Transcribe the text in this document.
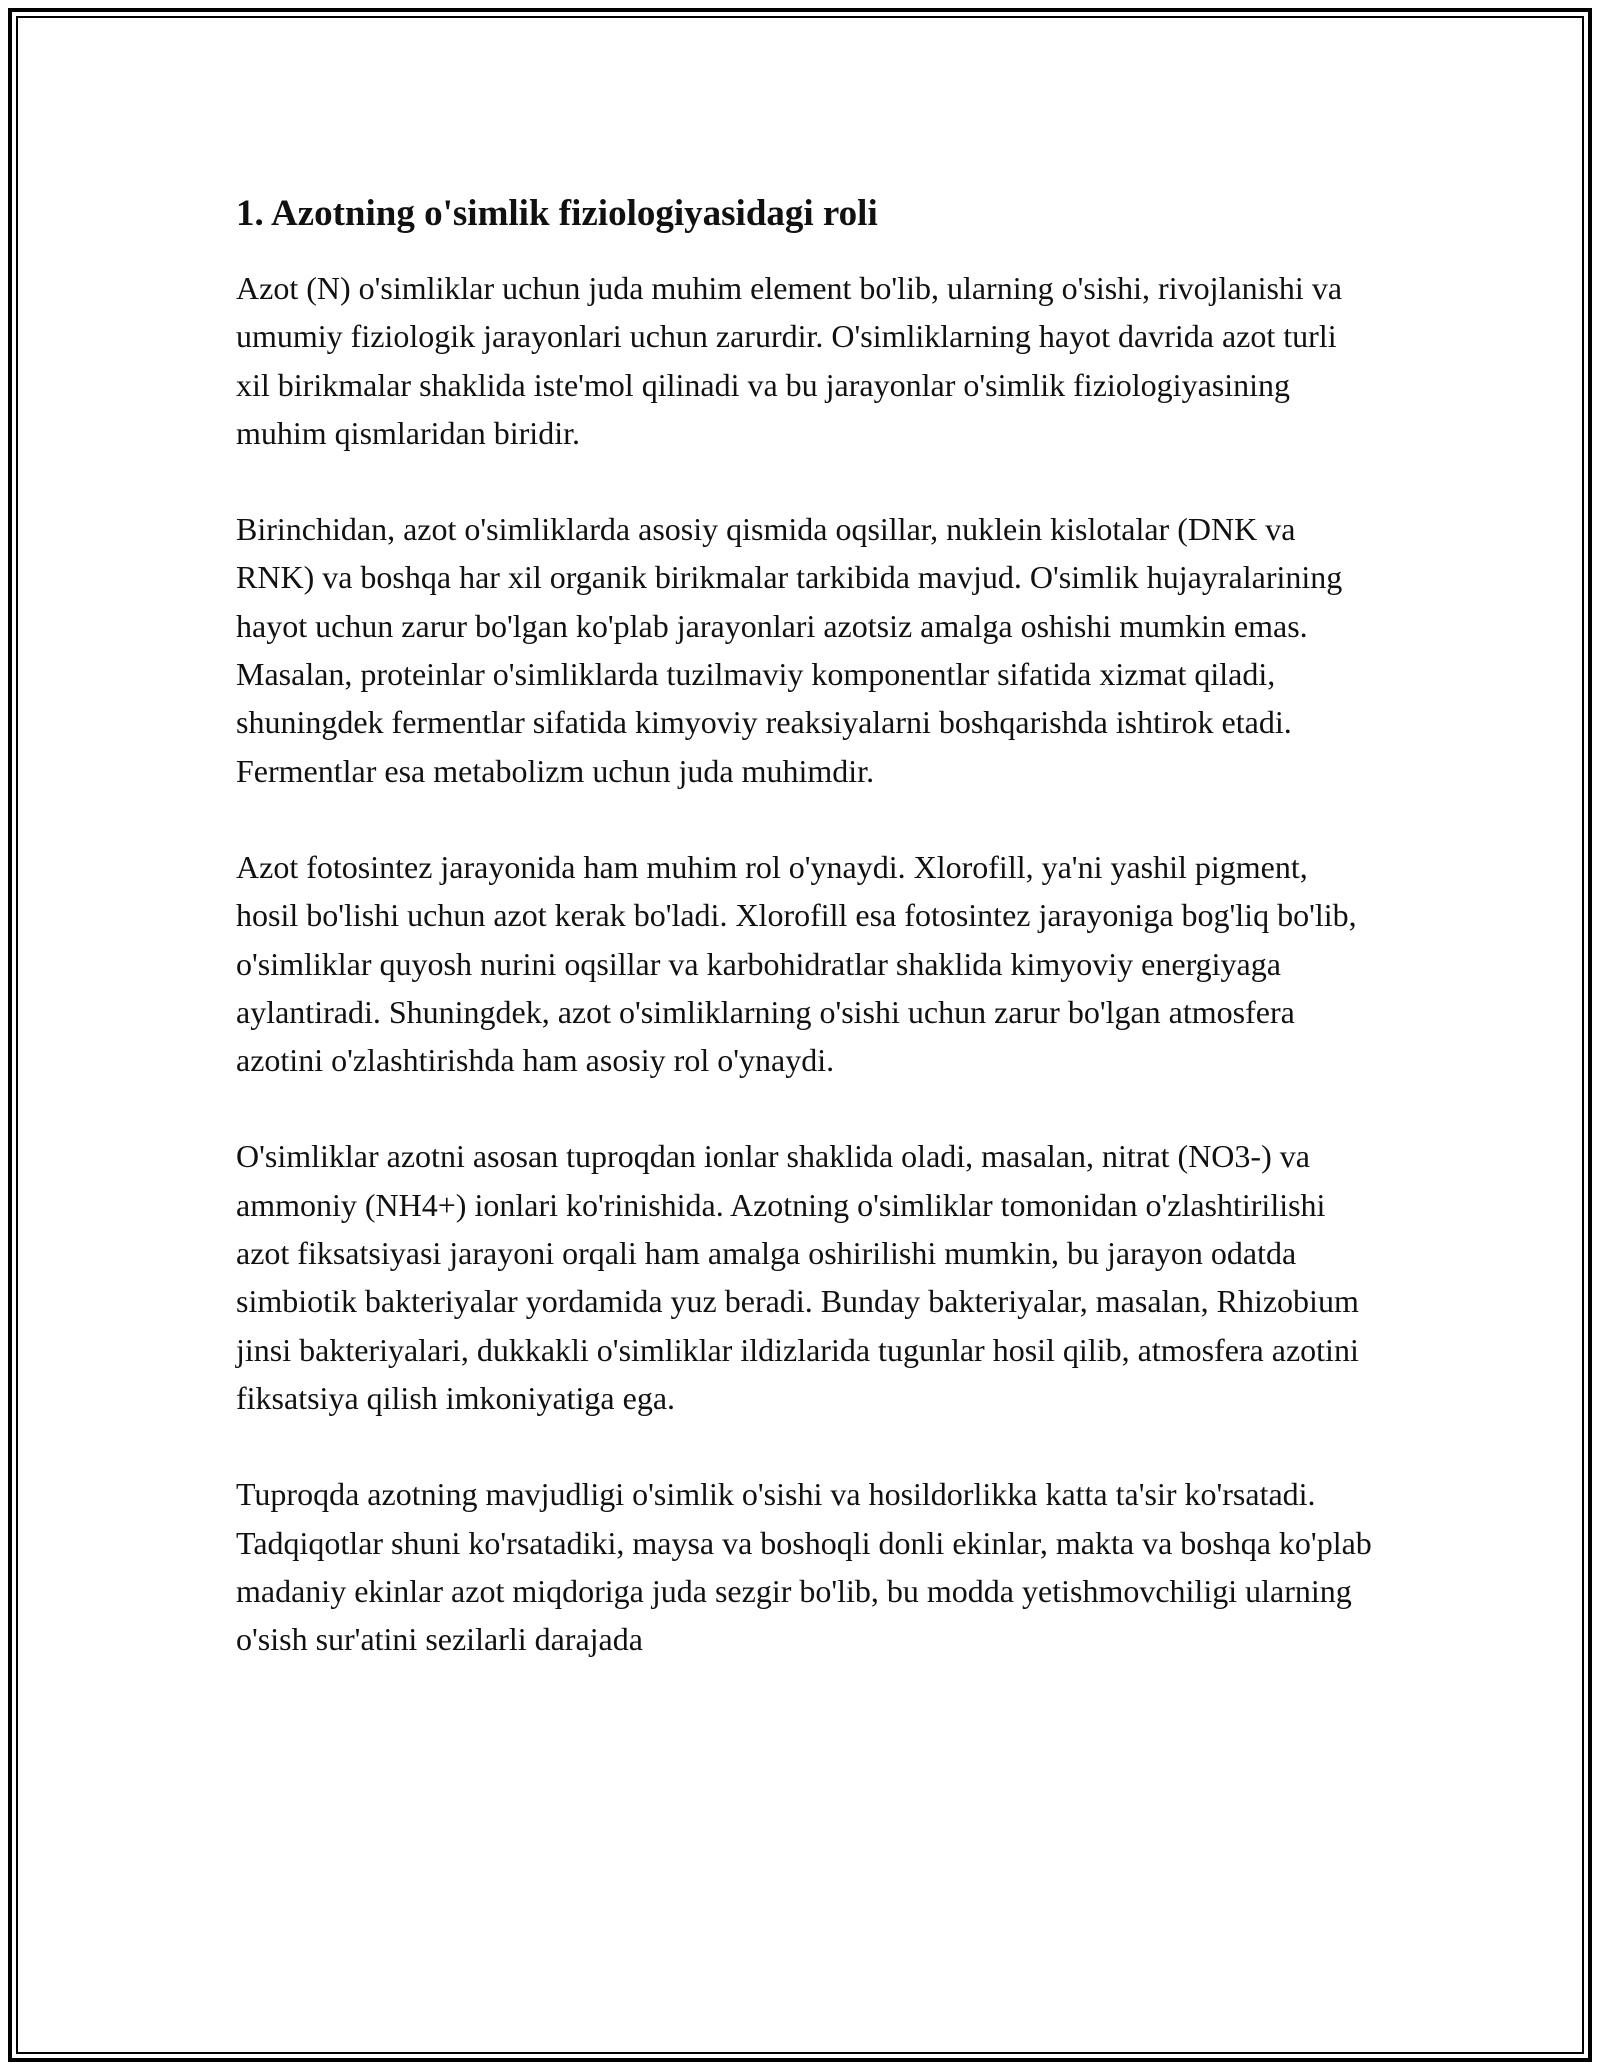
1. Azotning o'simlik fiziologiyasidagi roli

Azot (N) o'simliklar uchun juda muhim element bo'lib, ularning o'sishi, rivojlanishi va umumiy fiziologik jarayonlari uchun zarurdir. O'simliklarning hayot davrida azot turli xil birikmalar shaklida iste'mol qilinadi va bu jarayonlar o'simlik fiziologiyasining muhim qismlaridan biridir.

Birinchidan, azot o'simliklarda asosiy qismida oqsillar, nuklein kislotalar (DNK va RNK) va boshqa har xil organik birikmalar tarkibida mavjud. O'simlik hujayralarining hayot uchun zarur bo'lgan ko'plab jarayonlari azotsiz amalga oshishi mumkin emas. Masalan, proteinlar o'simliklarda tuzilmaviy komponentlar sifatida xizmat qiladi, shuningdek fermentlar sifatida kimyoviy reaksiyalarni boshqarishda ishtirok etadi. Fermentlar esa metabolizm uchun juda muhimdir.

Azot fotosintez jarayonida ham muhim rol o'ynaydi. Xlorofill, ya'ni yashil pigment, hosil bo'lishi uchun azot kerak bo'ladi. Xlorofill esa fotosintez jarayoniga bog'liq bo'lib, o'simliklar quyosh nurini oqsillar va karbohidratlar shaklida kimyoviy energiyaga aylantiradi. Shuningdek, azot o'simliklarning o'sishi uchun zarur bo'lgan atmosfera azotini o'zlashtirishda ham asosiy rol o'ynaydi.

O'simliklar azotni asosan tuproqdan ionlar shaklida oladi, masalan, nitrat (NO3-) va ammoniy (NH4+) ionlari ko'rinishida. Azotning o'simliklar tomonidan o'zlashtirilishi azot fiksatsiyasi jarayoni orqali ham amalga oshirilishi mumkin, bu jarayon odatda simbiotik bakteriyalar yordamida yuz beradi. Bunday bakteriyalar, masalan, Rhizobium jinsi bakteriyalari, dukkakli o'simliklar ildizlarida tugunlar hosil qilib, atmosfera azotini fiksatsiya qilish imkoniyatiga ega.

Tuproqda azotning mavjudligi o'simlik o'sishi va hosildorlikka katta ta'sir ko'rsatadi. Tadqiqotlar shuni ko'rsatadiki, maysa va boshoqli donli ekinlar, makta va boshqa ko'plab madaniy ekinlar azot miqdoriga juda sezgir bo'lib, bu modda yetishmovchiligi ularning o'sish sur'atini sezilarli darajada
